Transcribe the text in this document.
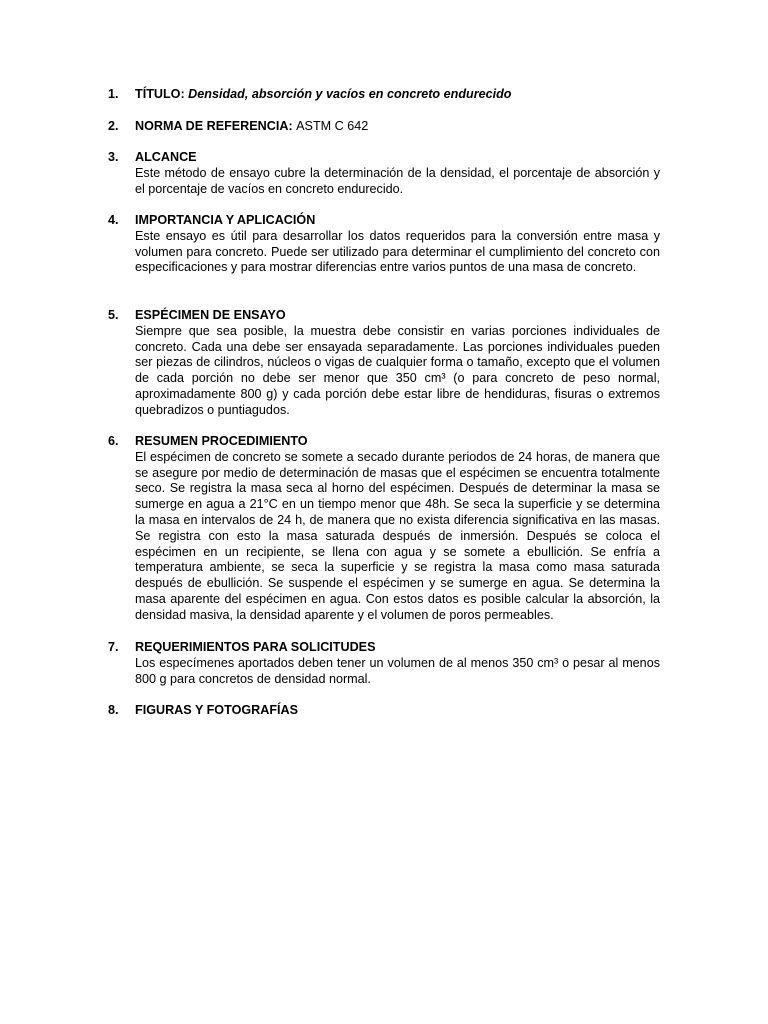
1. TÍTULO: Densidad, absorción y vacíos en concreto endurecido
2. NORMA DE REFERENCIA: ASTM C 642
3. ALCANCE
Este método de ensayo cubre la determinación de la densidad, el porcentaje de absorción y el porcentaje de vacíos en concreto endurecido.
4. IMPORTANCIA Y APLICACIÓN
Este ensayo es útil para desarrollar los datos requeridos para la conversión entre masa y volumen para concreto. Puede ser utilizado para determinar el cumplimiento del concreto con especificaciones y para mostrar diferencias entre varios puntos de una masa de concreto.
5. ESPÉCIMEN DE ENSAYO
Siempre que sea posible, la muestra debe consistir en varias porciones individuales de concreto. Cada una debe ser ensayada separadamente. Las porciones individuales pueden ser piezas de cilindros, núcleos o vigas de cualquier forma o tamaño, excepto que el volumen de cada porción no debe ser menor que 350 cm³ (o para concreto de peso normal, aproximadamente 800 g) y cada porción debe estar libre de hendiduras, fisuras o extremos quebradizos o puntiagudos.
6. RESUMEN PROCEDIMIENTO
El espécimen de concreto se somete a secado durante periodos de 24 horas, de manera que se asegure por medio de determinación de masas que el espécimen se encuentra totalmente seco. Se registra la masa seca al horno del espécimen. Después de determinar la masa se sumerge en agua a 21°C en un tiempo menor que 48h. Se seca la superficie y se determina la masa en intervalos de 24 h, de manera que no exista diferencia significativa en las masas. Se registra con esto la masa saturada después de inmersión. Después se coloca el espécimen en un recipiente, se llena con agua y se somete a ebullición. Se enfría a temperatura ambiente, se seca la superficie y se registra la masa como masa saturada después de ebullición. Se suspende el espécimen y se sumerge en agua. Se determina la masa aparente del espécimen en agua. Con estos datos es posible calcular la absorción, la densidad masiva, la densidad aparente y el volumen de poros permeables.
7. REQUERIMIENTOS PARA SOLICITUDES
Los especímenes aportados deben tener un volumen de al menos 350 cm³ o pesar al menos 800 g para concretos de densidad normal.
8. FIGURAS Y FOTOGRAFÍAS
